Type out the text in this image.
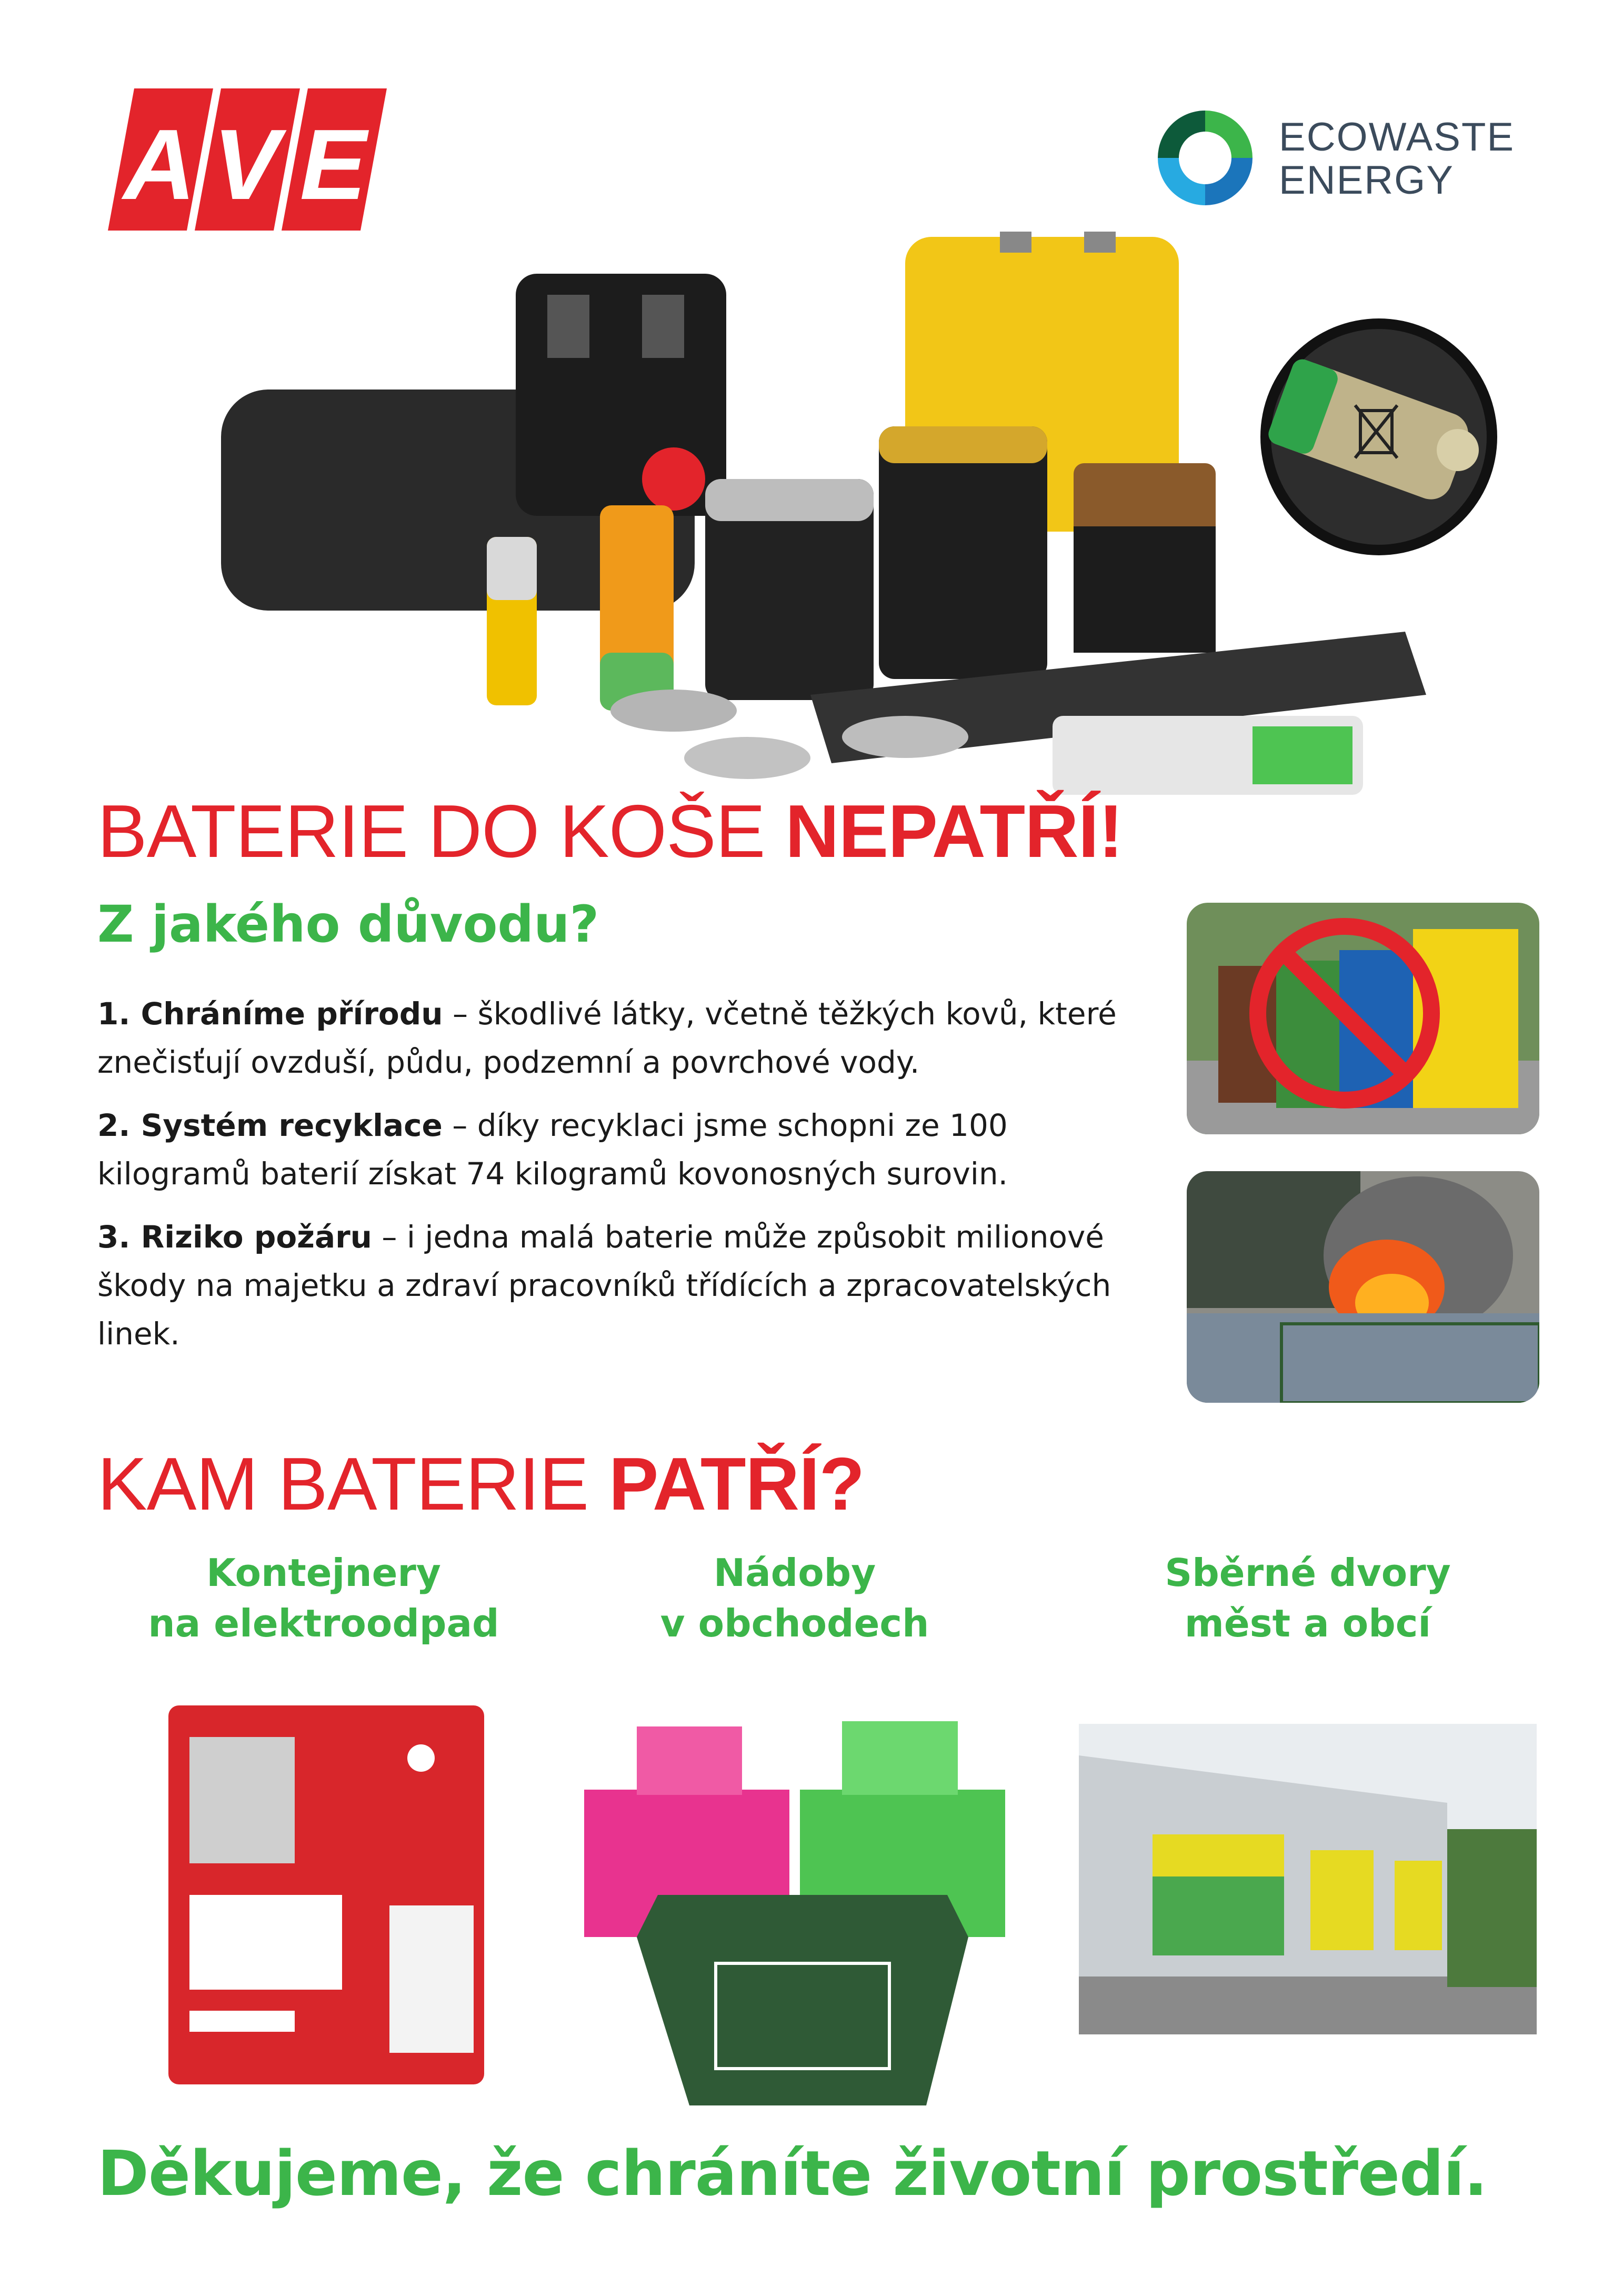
A V E	ECOWASTE
ENERGY
BATERIE DO KOŠE NEPATŘÍ!
Z jakého důvodu?

1. Chráníme přírodu – škodlivé látky, včetně těžkých kovů, které znečisťují ovzduší, půdu, podzemní a povrchové vody.

2. Systém recyklace – díky recyklaci jsme schopni ze 100 kilogramů baterií získat 74 kilogramů kovonosných surovin.

3. Riziko požáru – i jedna malá baterie může způsobit milionové škody na majetku a zdraví pracovníků třídících a zpracovatelských linek.

KAM BATERIE PATŘÍ?
Kontejnery
na elektroodpad
Nádoby
v obchodech
Sběrné dvory
měst a obcí
Děkujeme, že chráníte životní prostředí.
